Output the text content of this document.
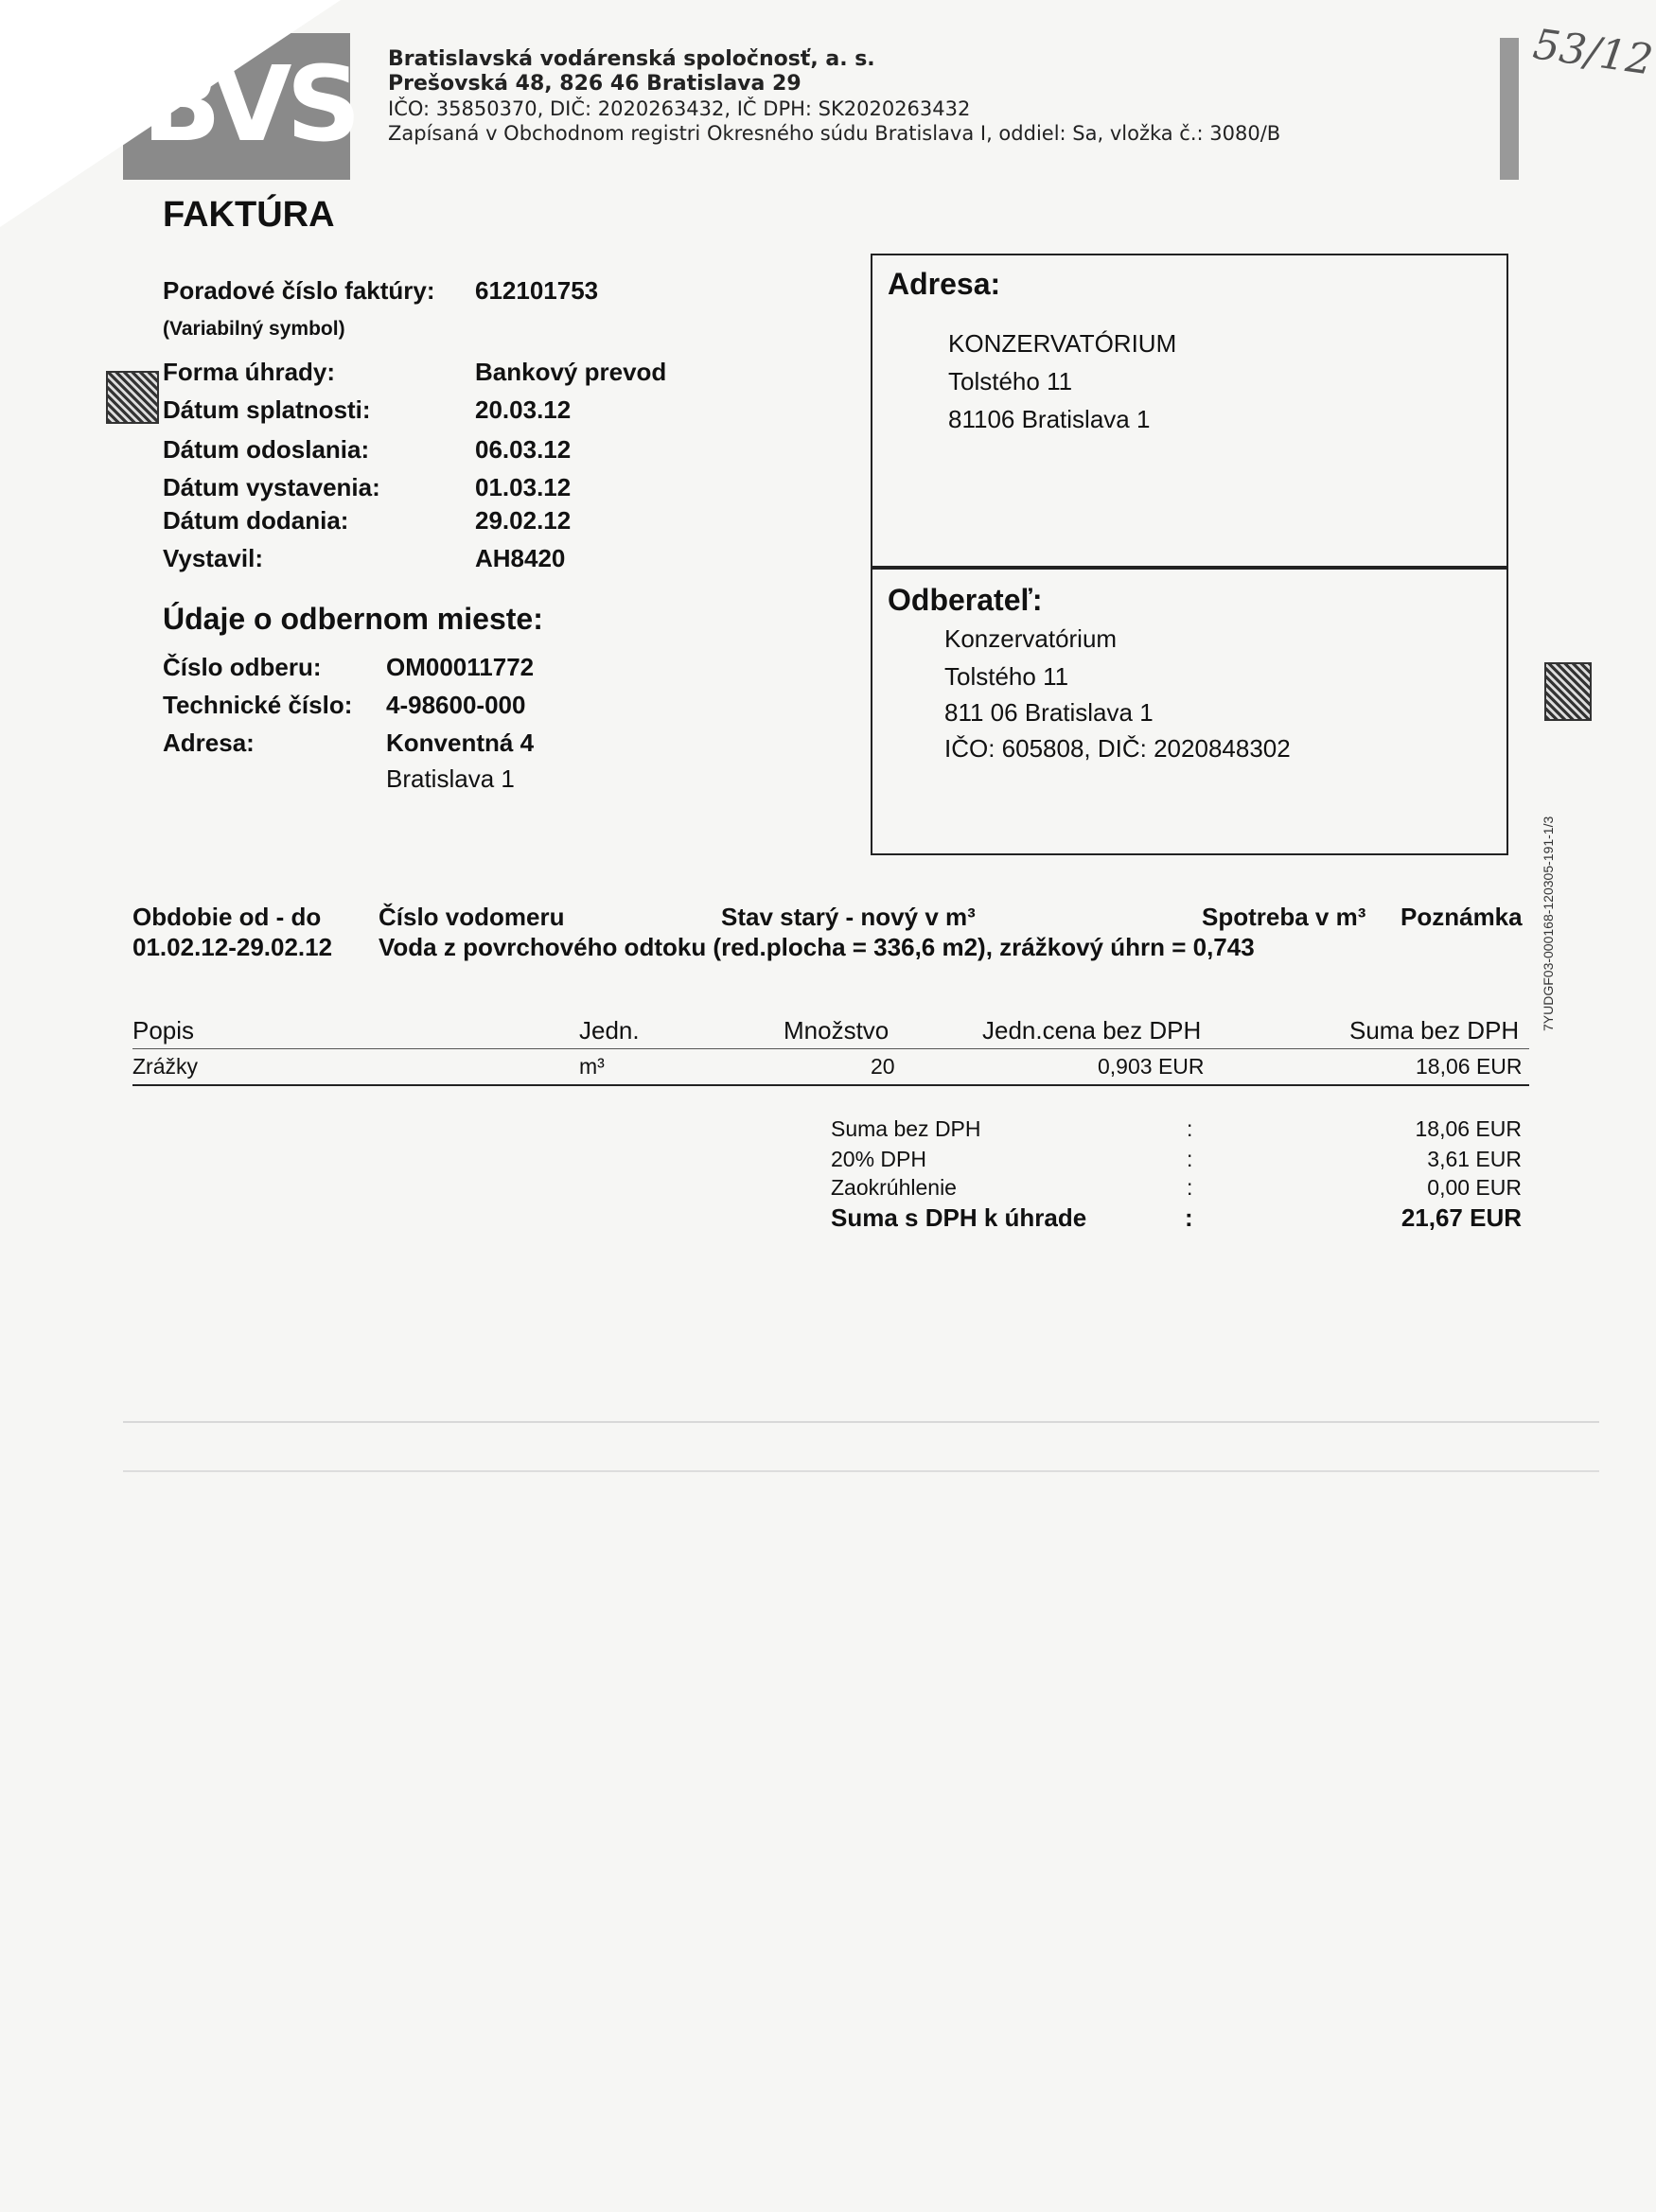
BVS Bratislavská vodárenská spoločnosť, a. s.
Prešovská 48, 826 46 Bratislava 29
IČO: 35850370, DIČ: 2020263432, IČ DPH: SK2020263432
Zapísaná v Obchodnom registri Okresného súdu Bratislava I, oddiel: Sa, vložka č.: 3080/B
53/12
FAKTÚRA
Poradové číslo faktúry: 612101753
(Variabilný symbol)
Forma úhrady:	Bankový prevod
Dátum splatnosti:	20.03.12
Dátum odoslania:	06.03.12
Dátum vystavenia:	01.03.12
Dátum dodania:	29.02.12
Vystavil:	AH8420
Údaje o odbernom mieste:
Číslo odberu:	OM00011772
Technické číslo: 4-98600-000
Adresa:	Konventná 4
Bratislava 1
Adresa:
KONZERVATÓRIUM
Tolstého 11
81106 Bratislava 1
Odberateľ:
Konzervatórium
Tolstého 11
811 06 Bratislava 1
IČO: 605808, DIČ: 2020848302
7YUDGF03-000168-120305-191-1/3
Obdobie od - do Číslo vodomeru	Stav starý - nový v m³	Spotreba v m³ Poznámka
01.02.12-29.02.12 Voda z povrchového odtoku (red.plocha = 336,6 m2), zrážkový úhrn = 0,743
Popis	Jedn.	Množstvo	Jedn.cena bez DPH	Suma bez DPH
Zrážky	m³	20	0,903 EUR	18,06 EUR
Suma bez DPH	:	18,06 EUR
20% DPH	:	3,61 EUR
Zaokrúhlenie	:	0,00 EUR
Suma s DPH k úhrade	:	21,67 EUR
